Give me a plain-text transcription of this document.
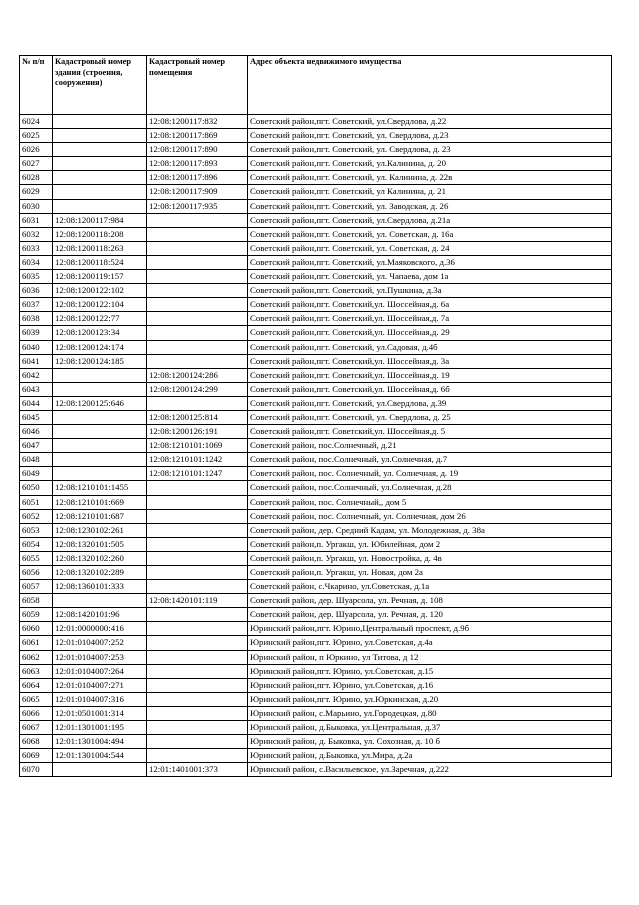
№ п/п	Кадастровый номер здания (строения, сооружения)	Кадастровый номер помещения	Адрес объекта недвижимого имущества
6024		12:08:1200117:832	Советский район,пгт. Советский, ул.Свердлова, д.22
6025		12:08:1200117:869	Советский район,пгт. Советский, ул. Свердлова, д.23
6026		12:08:1200117:890	Советский район,пгт. Советский, ул. Свердлова, д. 23
6027		12:08:1200117:893	Советский район,пгт. Советский, ул.Калинина, д. 20
6028		12:08:1200117:896	Советский район,пгт. Советский, ул. Калинина, д. 22в
6029		12:08:1200117:909	Советский район,пгт. Советский, ул Калинина, д. 21
6030		12:08:1200117:935	Советский район,пгт. Советский, ул. Заводская, д. 26
6031	12:08:1200117:984		Советский район,пгт. Советский, ул.Свердлова, д.21а
6032	12:08:1200118:208		Советский район,пгт. Советский, ул. Советская, д. 16а
6033	12:08:1200118:263		Советский район,пгт. Советский, ул. Советская, д. 24
6034	12:08:1200118:524		Советский район,пгт. Советский, ул.Маяковского, д.36
6035	12:08:1200119:157		Советский район,пгт. Советский, ул. Чапаева, дом 1а
6036	12:08:1200122:102		Советский район,пгт. Советский, ул.Пушкина, д.3а
6037	12:08:1200122:104		Советский район,пгт. Советский,ул. Шоссейная,д. 6а
6038	12:08:1200122:77		Советский район,пгт. Советский,ул. Шоссейная,д. 7а
6039	12:08:1200123:34		Советский район,пгт. Советский,ул. Шоссейная,д. 29
6040	12:08:1200124:174		Советский район,пгт. Советский, ул.Садовая, д.4б
6041	12:08:1200124:185		Советский район,пгт. Советский,ул. Шоссейная,д. 3а
6042		12:08:1200124:286	Советский район,пгт. Советский,ул. Шоссейная,д. 19
6043		12:08:1200124:299	Советский район,пгт. Советский,ул. Шоссейная,д. 6б
6044	12:08:1200125:646		Советский район,пгт. Советский, ул.Свердлова, д.39
6045		12:08:1200125:814	Советский район,пгт. Советский, ул. Свердлова, д. 25
6046		12:08:1200126:191	Советский район,пгт. Советский,ул. Шоссейная,д. 5
6047		12:08:1210101:1069	Советский район, пос.Солнечный, д.21
6048		12:08:1210101:1242	Советский район, пос.Солнечный, ул.Солнечная, д.7
6049		12:08:1210101:1247	Советский район, пос. Солнечный, ул. Солнечная, д. 19
6050	12:08:1210101:1455		Советский район, пос.Солнечный, ул.Солнечная, д.28
6051	12:08:1210101:669		Советский район, пос. Солнечный,, дом 5
6052	12:08:1210101:687		Советский район, пос. Солнечный, ул. Солнечная, дом 26
6053	12:08:1230102:261		Советский район, дер. Средний Кадам, ул. Молодежная, д. 38а
6054	12:08:1320101:505		Советский район,п. Ургакш, ул. Юбилейная, дом 2
6055	12:08:1320102:260		Советский район,п. Ургакш, ул. Новостройка, д. 4в
6056	12:08:1320102:289		Советский район,п. Ургакш, ул. Новая, дом 2а
6057	12:08:1360101:333		Советский район, с.Чкарино, ул.Советская, д.1а
6058		12:08:1420101:119	Советский район, дер. Шуарсола, ул. Речная, д. 108
6059	12:08:1420101:96		Советский район, дер. Шуарсола, ул. Речная, д. 120
6060	12:01:0000000:416		Юринский район,пгт. Юрино,Центральный проспект, д.9б
6061	12:01:0104007:252		Юринский район,пгт. Юрино, ул.Советская, д.4а
6062	12:01:0104007:253		Юринский район, п Юркино, ул Титова, д 12
6063	12:01:0104007:264		Юринский район,пгт. Юрино, ул.Советская, д.15
6064	12:01:0104007:271		Юринский район,пгт. Юрино, ул.Советская, д.16
6065	12:01:0104007:316		Юринский район,пгт. Юрино, ул.Юркинская, д.20
6066	12:01:0501001:314		Юринский район, с.Марьино, ул.Городецкая, д.80
6067	12:01:1301001:195		Юринский район, д.Быковка, ул.Центральная, д.37
6068	12:01:1301004:494		Юринский район, д. Быковка, ул. Сохозная, д. 10 б
6069	12:01:1301004:544		Юринский район, д.Быковка, ул.Мира, д.2а
6070		12:01:1401001:373	Юринский район, с.Васильевское, ул.Заречная, д.222
